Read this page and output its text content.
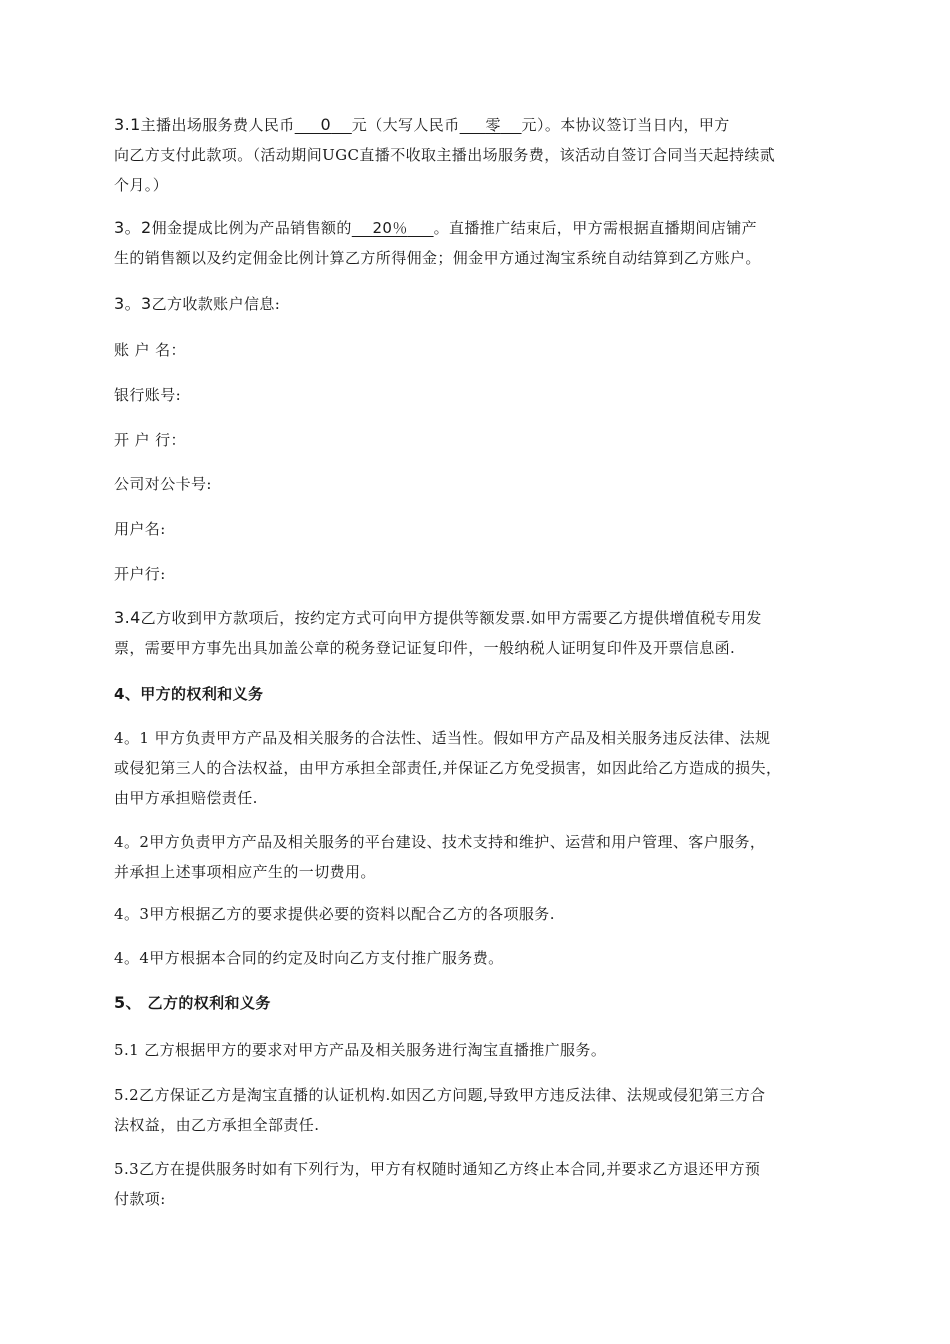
3.1主播出场服务费人民币 0 元（大写人民币 零 元）。本协议签订当日内，甲方
向乙方支付此款项。（活动期间UGC直播不收取主播出场服务费，该活动自签订合同当天起持续贰
个月。）
3。2佣金提成比例为产品销售额的 20％ 。直播推广结束后，甲方需根据直播期间店铺产
生的销售额以及约定佣金比例计算乙方所得佣金；佣金甲方通过淘宝系统自动结算到乙方账户。
3。3乙方收款账户信息:
账 户 名：
银行账号:
开 户 行：
公司对公卡号:
用户名:
开户行:
3.4乙方收到甲方款项后，按约定方式可向甲方提供等额发票.如甲方需要乙方提供增值税专用发
票，需要甲方事先出具加盖公章的税务登记证复印件，一般纳税人证明复印件及开票信息函.
4、甲方的权利和义务
4。1 甲方负责甲方产品及相关服务的合法性、适当性。假如甲方产品及相关服务违反法律、法规
或侵犯第三人的合法权益，由甲方承担全部责任,并保证乙方免受损害，如因此给乙方造成的损失，
由甲方承担赔偿责任.
4。2甲方负责甲方产品及相关服务的平台建设、技术支持和维护、运营和用户管理、客户服务，
并承担上述事项相应产生的一切费用。
4。3甲方根据乙方的要求提供必要的资料以配合乙方的各项服务.
4。4甲方根据本合同的约定及时向乙方支付推广服务费。
5、 乙方的权利和义务
5.1 乙方根据甲方的要求对甲方产品及相关服务进行淘宝直播推广服务。
5.2乙方保证乙方是淘宝直播的认证机构.如因乙方问题,导致甲方违反法律、法规或侵犯第三方合
法权益，由乙方承担全部责任.
5.3乙方在提供服务时如有下列行为，甲方有权随时通知乙方终止本合同,并要求乙方退还甲方预
付款项:
